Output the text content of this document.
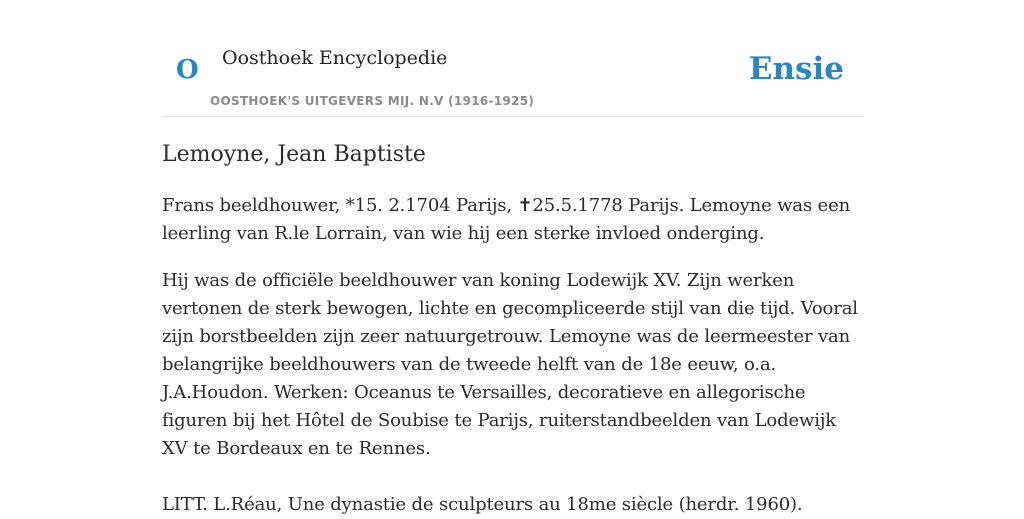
O Oosthoek Encyclopedie
OOSTHOEK'S UITGEVERS MIJ. N.V (1916-1925)
Ensie
Lemoyne, Jean Baptiste

Frans beeldhouwer, *15. 2.1704 Parijs, ✝25.5.1778 Parijs. Lemoyne was een leerling van R.le Lorrain, van wie hij een sterke invloed onderging.

Hij was de officiële beeldhouwer van koning Lodewijk XV. Zijn werken vertonen de sterk bewogen, lichte en gecompliceerde stijl van die tijd. Vooral zijn borstbeelden zijn zeer natuurgetrouw. Lemoyne was de leermeester van belangrijke beeldhouwers van de tweede helft van de 18e eeuw, o.a. J.A.Houdon. Werken: Oceanus te Versailles, decoratieve en allegorische figuren bij het Hôtel de Soubise te Parijs, ruiterstandbeelden van Lodewijk XV te Bordeaux en te Rennes.

LITT. L.Réau, Une dynastie de sculpteurs au 18me siècle (herdr. 1960).
